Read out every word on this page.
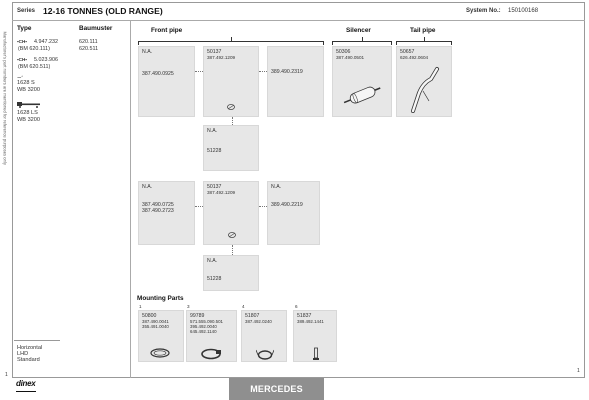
Series 12-16 TONNES (OLD RANGE)	System No.: 150100168
Manufacturer's part numbers are mentioned for reference purposes only
Type	Baumuster
▪CH▪ 4.947.232
(BM 620.111)
620.111
▪CH▪ 5.023.906
(BM 620.511)
620.511
⚊▫
1628 S
WB 3200
1628 LS
WB 3200
Horizontal
LHD
Standard
Front pipe	Silencer	Tail pipe
N.A.
387.490.0925
50137
387.492.1209
389.490.2319
50306
387.490.0501
50657
626.492.0604
N.A.
51228
N.A.
387.490.0725
387.490.2723
50137
387.492.1209
N.A.
389.490.2219
N.A.
51228
Mounting Parts
1
50800
387.490.0041
355.491.0040
3
99789
571.555.090.501
395.492.0040
645.492.1140
4
51807
387.492.0240
6
51837
389.492.1441
1
1
dinex
MERCEDES
